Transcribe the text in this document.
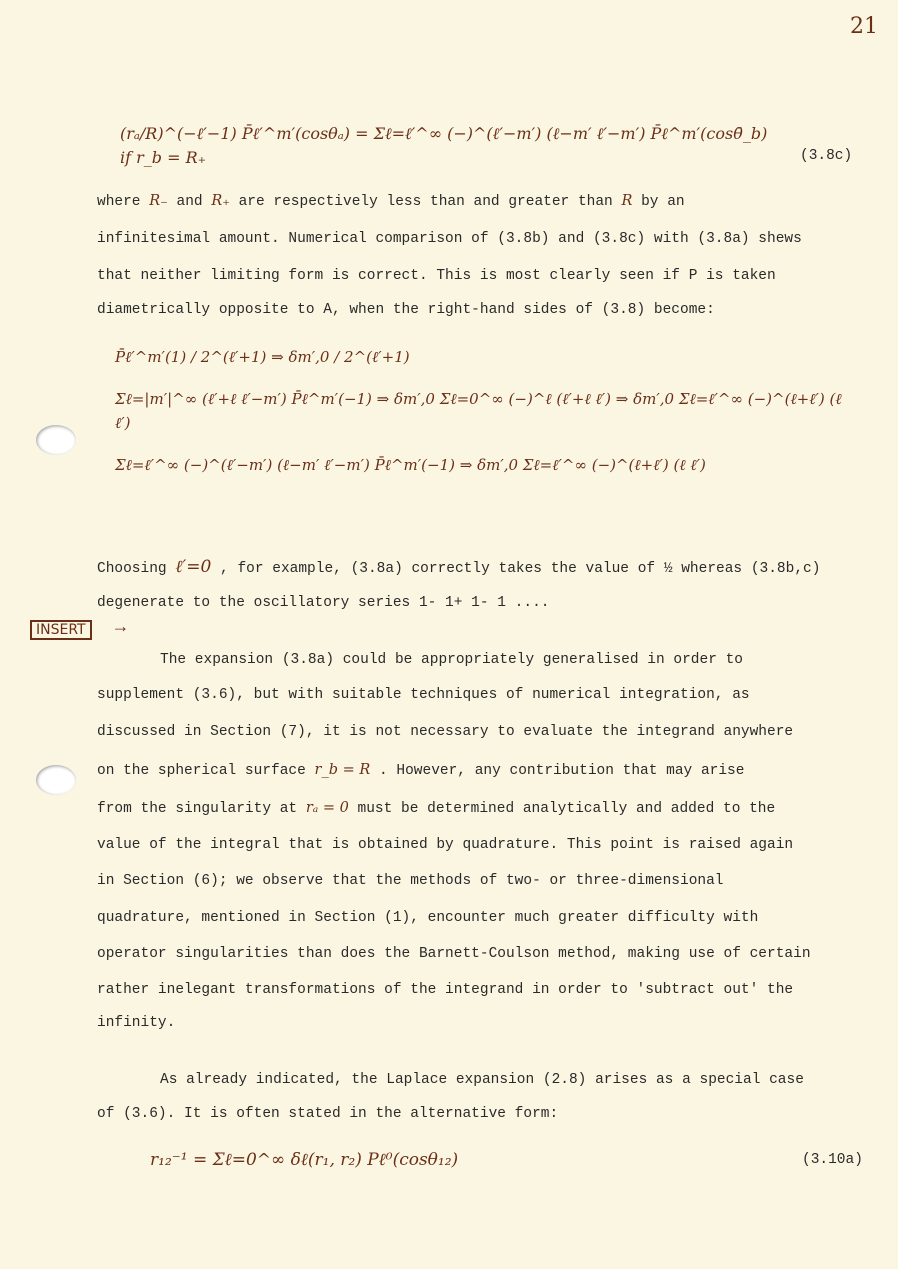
21
(rₐ/R)^(−ℓ′−1) P̄ℓ′^m′(cosθₐ) = Σℓ=ℓ′^∞ (−)^(ℓ′−m′) (ℓ−m′ ℓ′−m′) P̄ℓ^m′(cosθ̄_b) if r_b = R₊	(3.8c)
where R₋ and R₊ are respectively less than and greater than R by an
infinitesimal amount. Numerical comparison of (3.8b) and (3.8c) with (3.8a) shews
that neither limiting form is correct. This is most clearly seen if P is taken
diametrically opposite to A, when the right-hand sides of (3.8) become:
P̄ℓ′^m′(1) / 2^(ℓ′+1) ⇒ δm′,0 / 2^(ℓ′+1)
Σℓ=|m′|^∞ (ℓ′+ℓ ℓ′−m′) P̄ℓ^m′(−1) ⇒ δm′,0 Σℓ=0^∞ (−)^ℓ (ℓ′+ℓ ℓ′) ⇒ δm′,0 Σℓ=ℓ′^∞ (−)^(ℓ+ℓ′) (ℓ ℓ′)
Σℓ=ℓ′^∞ (−)^(ℓ′−m′) (ℓ−m′ ℓ′−m′) P̄ℓ^m′(−1) ⇒ δm′,0 Σℓ=ℓ′^∞ (−)^(ℓ+ℓ′) (ℓ ℓ′)
Choosing ℓ′=0 , for example, (3.8a) correctly takes the value of ½ whereas (3.8b,c)
degenerate to the oscillatory series 1- 1+ 1- 1 ....
INSERT	→
The expansion (3.8a) could be appropriately generalised in order to
supplement (3.6), but with suitable techniques of numerical integration, as
discussed in Section (7), it is not necessary to evaluate the integrand anywhere
on the spherical surface r_b = R . However, any contribution that may arise
from the singularity at rₐ = 0 must be determined analytically and added to the
value of the integral that is obtained by quadrature. This point is raised again
in Section (6); we observe that the methods of two- or three-dimensional
quadrature, mentioned in Section (1), encounter much greater difficulty with
operator singularities than does the Barnett-Coulson method, making use of certain
rather inelegant transformations of the integrand in order to 'subtract out' the
infinity.
As already indicated, the Laplace expansion (2.8) arises as a special case
of (3.6). It is often stated in the alternative form:
r₁₂⁻¹ = Σℓ=0^∞ δℓ(r₁, r₂) Pℓ⁰(cosθ₁₂)	(3.10a)
